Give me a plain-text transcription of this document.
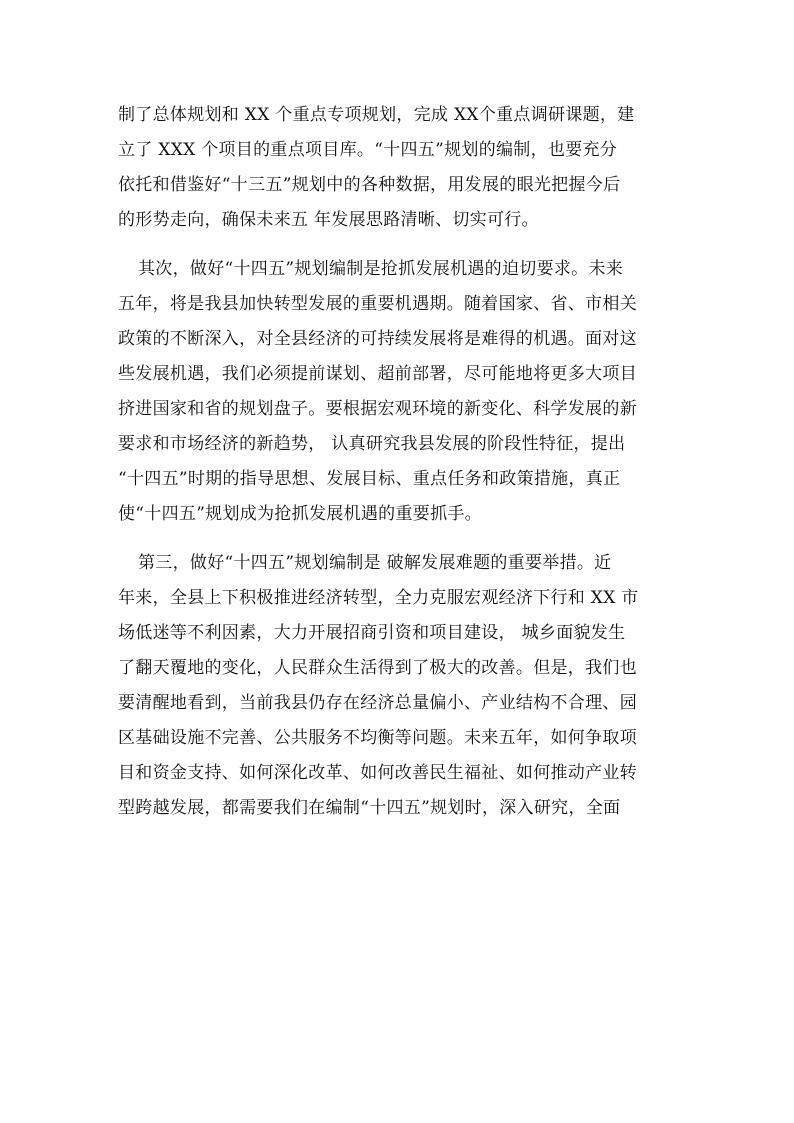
制了总体规划和 XX 个重点专项规划，完成 XX个重点调研课题，建
立了 XXX 个项目的重点项目库。“十四五”规划的编制，也要充分
依托和借鉴好“十三五”规划中的各种数据，用发展的眼光把握今后
的形势走向，确保未来五 年发展思路清晰、切实可行。
其次，做好“十四五”规划编制是抢抓发展机遇的迫切要求。未来
五年，将是我县加快转型发展的重要机遇期。随着国家、省、市相关
政策的不断深入，对全县经济的可持续发展将是难得的机遇。面对这
些发展机遇，我们必须提前谋划、超前部署，尽可能地将更多大项目
挤进国家和省的规划盘子。要根据宏观环境的新变化、科学发展的新
要求和市场经济的新趋势， 认真研究我县发展的阶段性特征，提出
“十四五”时期的指导思想、发展目标、重点任务和政策措施，真正
使“十四五”规划成为抢抓发展机遇的重要抓手。
第三，做好“十四五”规划编制是 破解发展难题的重要举措。近
年来，全县上下积极推进经济转型，全力克服宏观经济下行和 XX 市
场低迷等不利因素，大力开展招商引资和项目建设， 城乡面貌发生
了翻天覆地的变化，人民群众生活得到了极大的改善。但是，我们也
要清醒地看到，当前我县仍存在经济总量偏小、产业结构不合理、园
区基础设施不完善、公共服务不均衡等问题。未来五年，如何争取项
目和资金支持、如何深化改革、如何改善民生福祉、如何推动产业转
型跨越发展，都需要我们在编制“十四五”规划时，深入研究，全面
